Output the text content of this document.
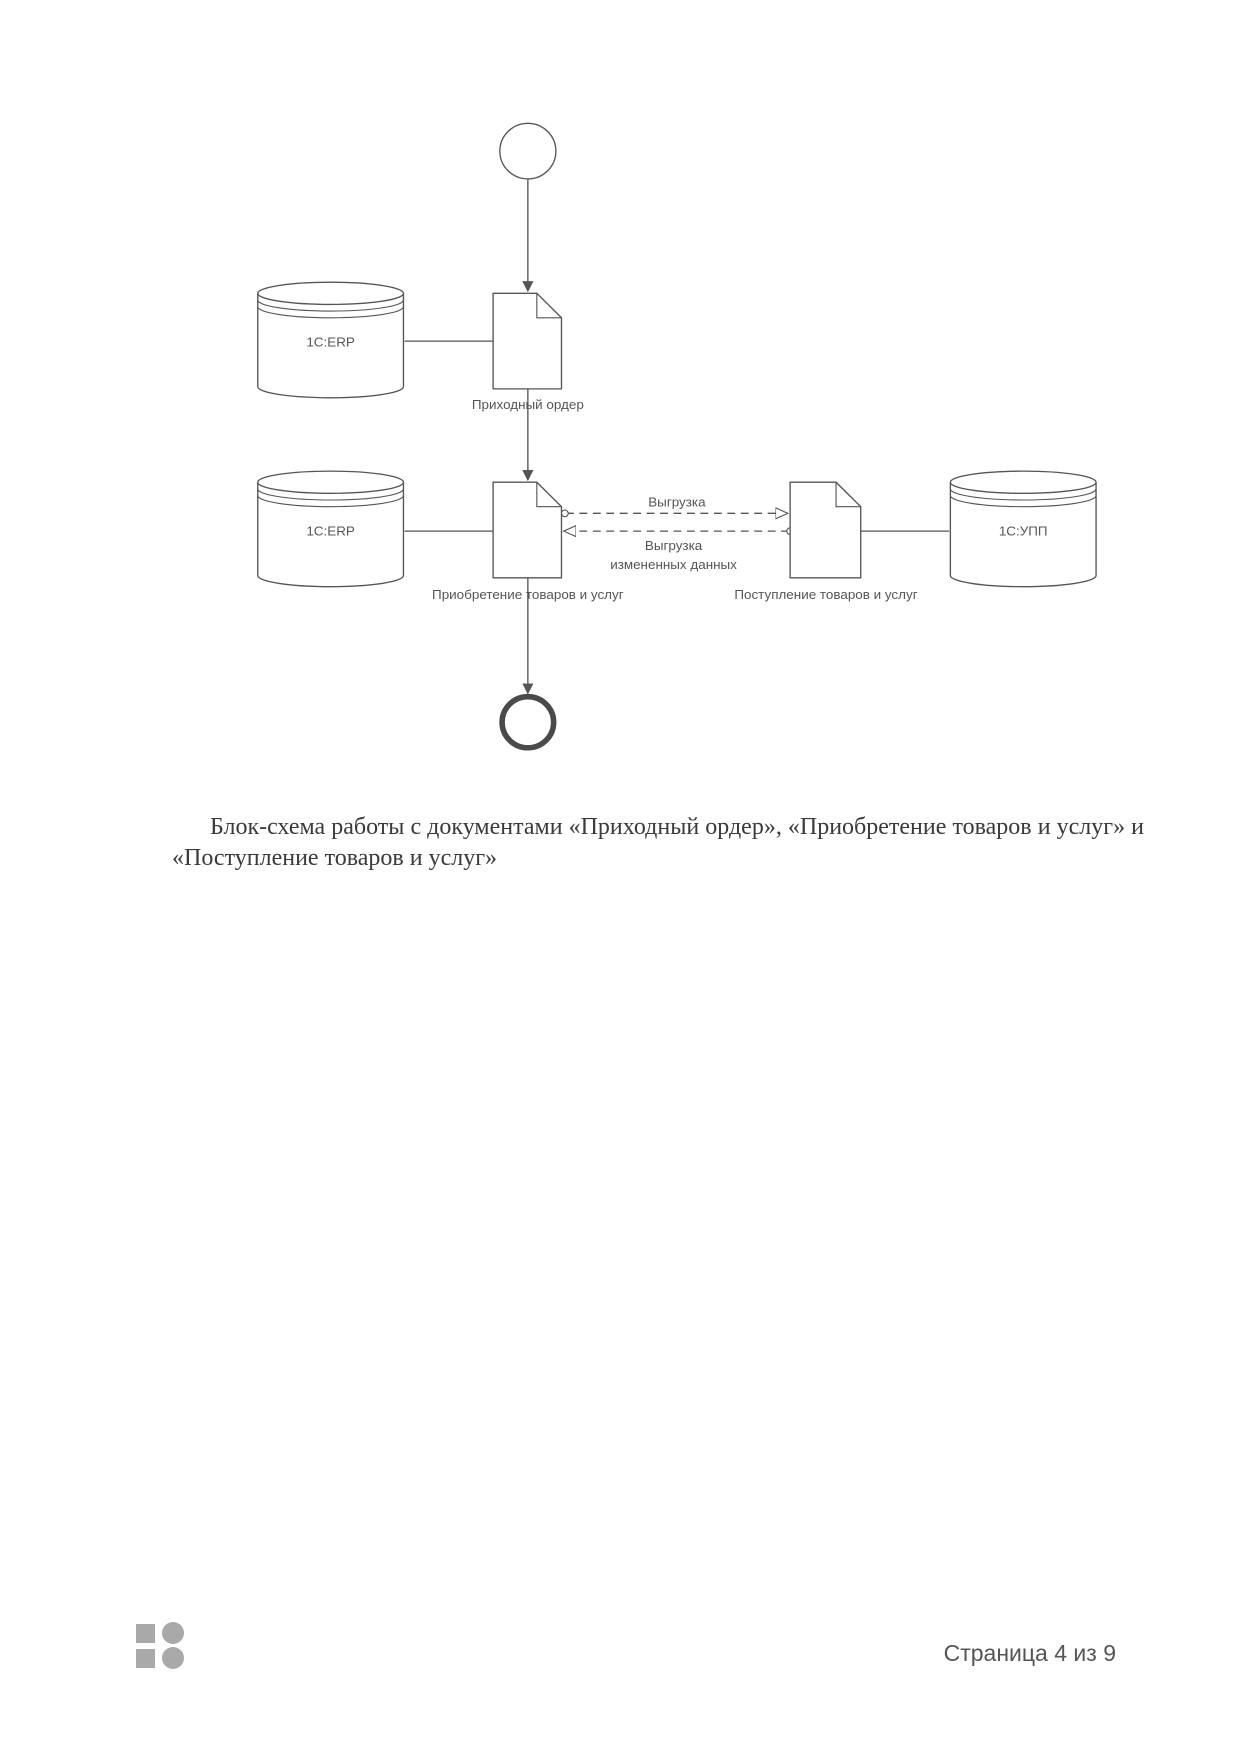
1C:ERP
1C:ERP	1C:УПП
Приходный ордер
Приобретение товаров и услуг	Поступление товаров и услуг
Выгрузка
Выгрузка
измененных данных

Блок-схема работы с документами «Приходный ордер», «Приобретение товаров и услуг» и «Поступление товаров и услуг»

Страница 4 из 9
